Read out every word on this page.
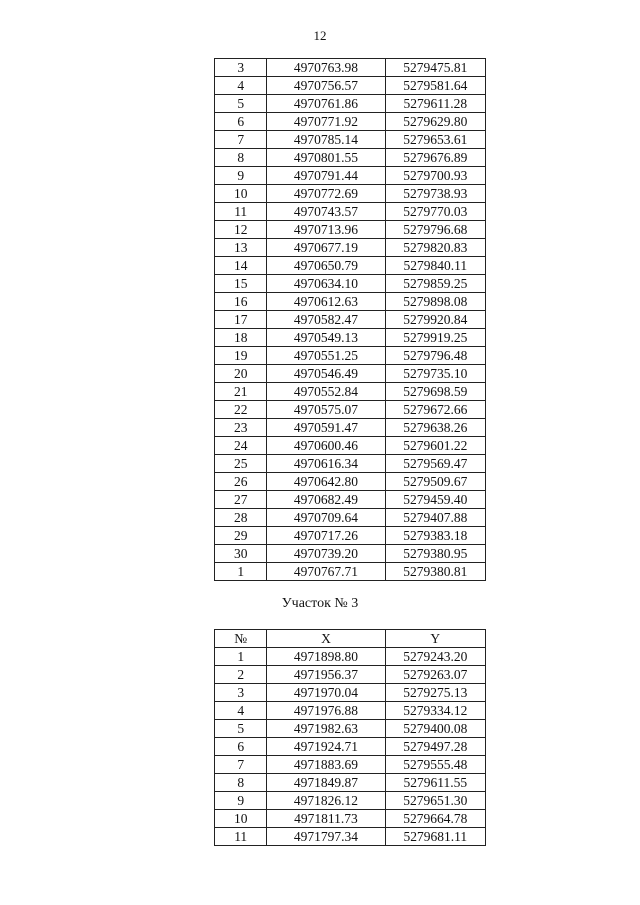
12
3	4970763.98	5279475.81
4	4970756.57	5279581.64
5	4970761.86	5279611.28
6	4970771.92	5279629.80
7	4970785.14	5279653.61
8	4970801.55	5279676.89
9	4970791.44	5279700.93
10	4970772.69	5279738.93
11	4970743.57	5279770.03
12	4970713.96	5279796.68
13	4970677.19	5279820.83
14	4970650.79	5279840.11
15	4970634.10	5279859.25
16	4970612.63	5279898.08
17	4970582.47	5279920.84
18	4970549.13	5279919.25
19	4970551.25	5279796.48
20	4970546.49	5279735.10
21	4970552.84	5279698.59
22	4970575.07	5279672.66
23	4970591.47	5279638.26
24	4970600.46	5279601.22
25	4970616.34	5279569.47
26	4970642.80	5279509.67
27	4970682.49	5279459.40
28	4970709.64	5279407.88
29	4970717.26	5279383.18
30	4970739.20	5279380.95
1	4970767.71	5279380.81
Участок № 3
№	X	Y
1	4971898.80	5279243.20
2	4971956.37	5279263.07
3	4971970.04	5279275.13
4	4971976.88	5279334.12
5	4971982.63	5279400.08
6	4971924.71	5279497.28
7	4971883.69	5279555.48
8	4971849.87	5279611.55
9	4971826.12	5279651.30
10	4971811.73	5279664.78
11	4971797.34	5279681.11
